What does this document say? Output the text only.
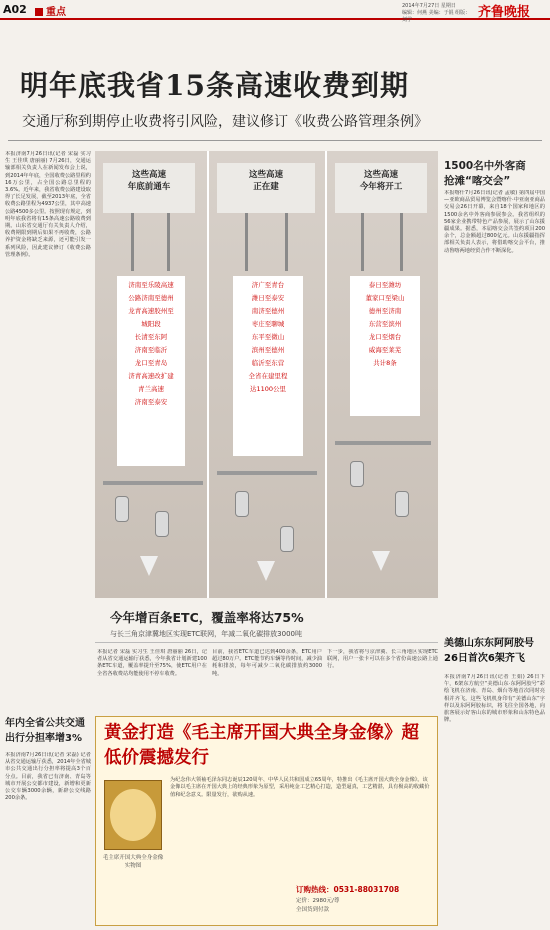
A02	重点
2014年7月27日 星期日
编辑：何燕 美编：于锟 组版：刘学	齐鲁晚报
明年底我省15条高速收费到期
交通厅称到期停止收费将引风险，建议修订《收费公路管理条例》
本报济南7月26日讯(记者 宋磊 实习生 王佳琪 唐丽丽) 7月26日，交通运输部相关负责人在新闻发布会上说，到2014年年底，全国收费公路里程约16万公里，占全国公路总里程的3.6%。近年来，我省收费公路建设取得了长足发展，截至2013年底，全省收费公路里程为4937公里，其中高速公路4500多公里。按照现有规定，到明年底我省将有15条高速公路收费到期。山东省交通厅有关负责人介绍，收费期限到期后如果不再收费，公路养护资金将缺乏来源，还可能引发一系列风险，因此建议修订《收费公路管理条例》。
这些高速
年底前通车
济南至乐陵高速
公路济南至德州
龙青高速胶州至
城阳段
长清至东阿
济南至临沂
龙口至青岛
济青高速改扩建
青兰高速
济南至泰安
这些高速
正在建
济广至青台
潍日至泰安
南济至德州
枣庄至聊城
东平至微山
滨州至德州
临沂至东营
全省在建里程
达1100公里
这些高速
今年将开工
泰日至潍坊
董家口至梁山
德州至济南
东营至滨州
龙口至烟台
威海至莱芜
共计8条
1500名中外客商
抢滩“喀交会”
本报喀什7月26日讯(记者 孟敏) 第四届中国—亚欧商品贸易博览会暨喀什·中亚南亚商品交易会26日开幕，来自18个国家和地区的1500余名中外客商参展参会。我省组织的56家企业携带特色产品参展，展示了山东援疆成果。据悉，本届喀交会共签约项目200余个，总金额超过800亿元。山东援疆指挥部相关负责人表示，将借助喀交会平台，推动鲁喀两地经贸合作不断深化。
今年增百条ETC，覆盖率将达75%
与长三角京津冀地区实现ETC联网，年减二氧化碳排放3000吨
本报记者 宋磊 实习生 王佳琪 唐丽丽 26日，记者从省交通运输厅获悉，今年我省计划新建100条ETC车道，覆盖率提升至75%，使ETC用户在全省各收费站均能使用不停车收费。
目前，我省ETC车道已达到400余条，ETC用户超过80万户。ETC能节约车辆等待时间，减少油耗和排放，每年可减少二氧化碳排放约3000吨。
下一步，我省将与京津冀、长三角地区实现ETC联网，用户一张卡可以在多个省份高速公路上通行。
美德山东东阿阿胶号
26日首次6架齐飞
本报济南7月26日讯(记者 王娟) 26日下午，6架东方航空“美德山东·东阿阿胶号”彩绘飞机在济南、青岛、烟台等地首次同时亮相并齐飞。这些飞机机身印有“美德山东”字样以及东阿阿胶标识，将飞往全国各地，向旅客展示好客山东的城市形象和山东特色品牌。
年内全省公共交通
出行分担率增3%
本报济南7月26日讯(记者 宋磊) 记者从省交通运输厅获悉，2014年全省城市公共交通出行分担率将提高3个百分点。目前，我省已有济南、青岛等城市开展公交都市建设，新增和更新公交车辆3000余辆，新辟公交线路200余条。
黄金打造《毛主席开国大典全身金像》超低价震撼发行
毛主席开国大典全身金像
实物图
为纪念伟大领袖毛泽东同志诞辰120周年、中华人民共和国成立65周年，特推出《毛主席开国大典全身金像》。该金像以毛主席在开国大典上的经典形象为原型，采用纯金工艺精心打造，造型逼真，工艺精湛，具有极高的收藏价值和纪念意义。限量发行，欲购从速。
订购热线：0531-88031708
定价：2980元/尊
全国货到付款
